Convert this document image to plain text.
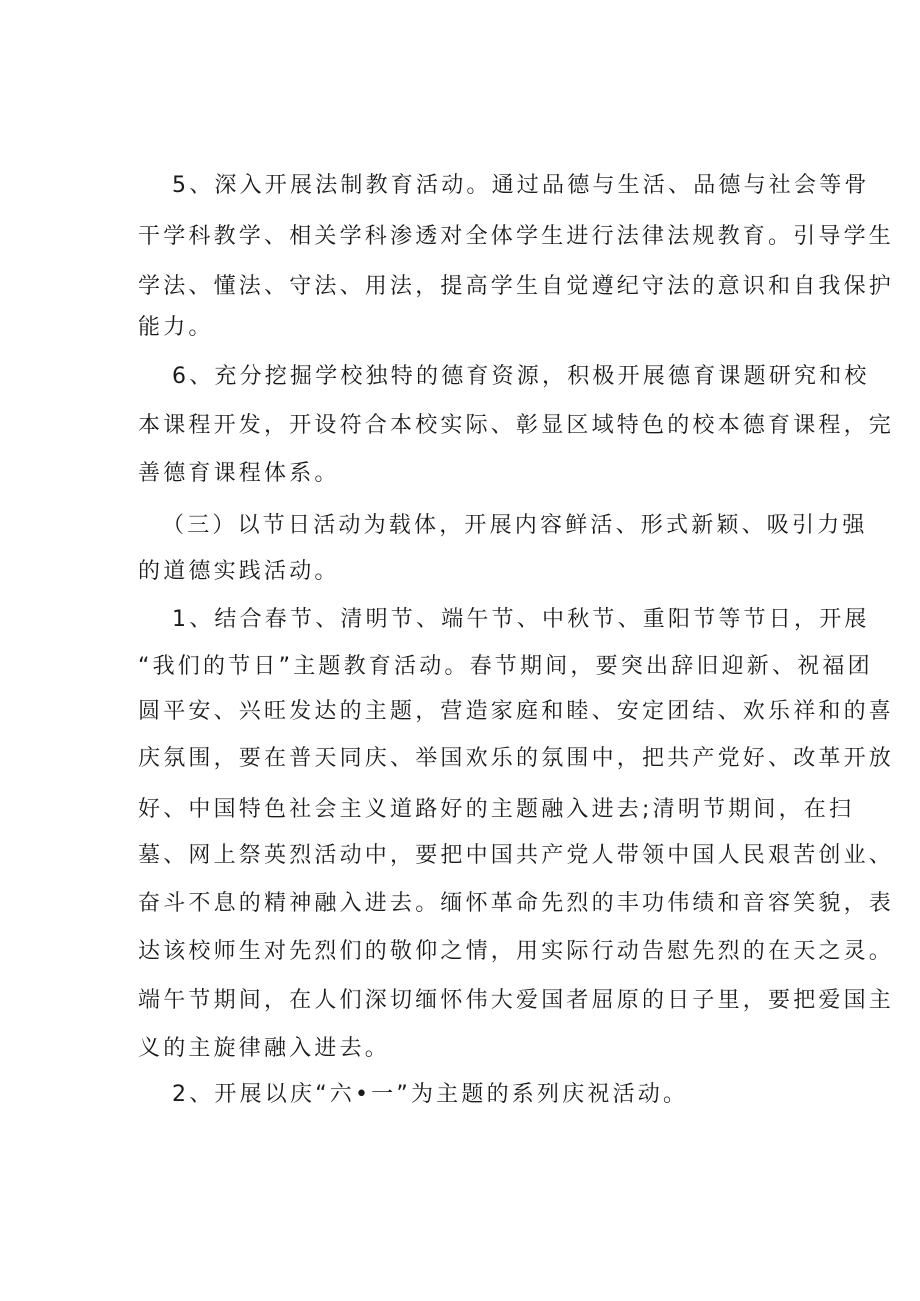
5、深入开展法制教育活动。通过品德与生活、品德与社会等骨
干学科教学、相关学科渗透对全体学生进行法律法规教育。引导学生
学法、懂法、守法、用法，提高学生自觉遵纪守法的意识和自我保护
能力。
6、充分挖掘学校独特的德育资源，积极开展德育课题研究和校
本课程开发，开设符合本校实际、彰显区域特色的校本德育课程，完
善德育课程体系。
（三）以节日活动为载体，开展内容鲜活、形式新颖、吸引力强
的道德实践活动。
1、结合春节、清明节、端午节、中秋节、重阳节等节日，开展
“我们的节日”主题教育活动。春节期间，要突出辞旧迎新、祝福团
圆平安、兴旺发达的主题，营造家庭和睦、安定团结、欢乐祥和的喜
庆氛围，要在普天同庆、举国欢乐的氛围中，把共产党好、改革开放
好、中国特色社会主义道路好的主题融入进去;清明节期间，在扫
墓、网上祭英烈活动中，要把中国共产党人带领中国人民艰苦创业、
奋斗不息的精神融入进去。缅怀革命先烈的丰功伟绩和音容笑貌，表
达该校师生对先烈们的敬仰之情，用实际行动告慰先烈的在天之灵。
端午节期间，在人们深切缅怀伟大爱国者屈原的日子里，要把爱国主
义的主旋律融入进去。
2、开展以庆“六•一”为主题的系列庆祝活动。
